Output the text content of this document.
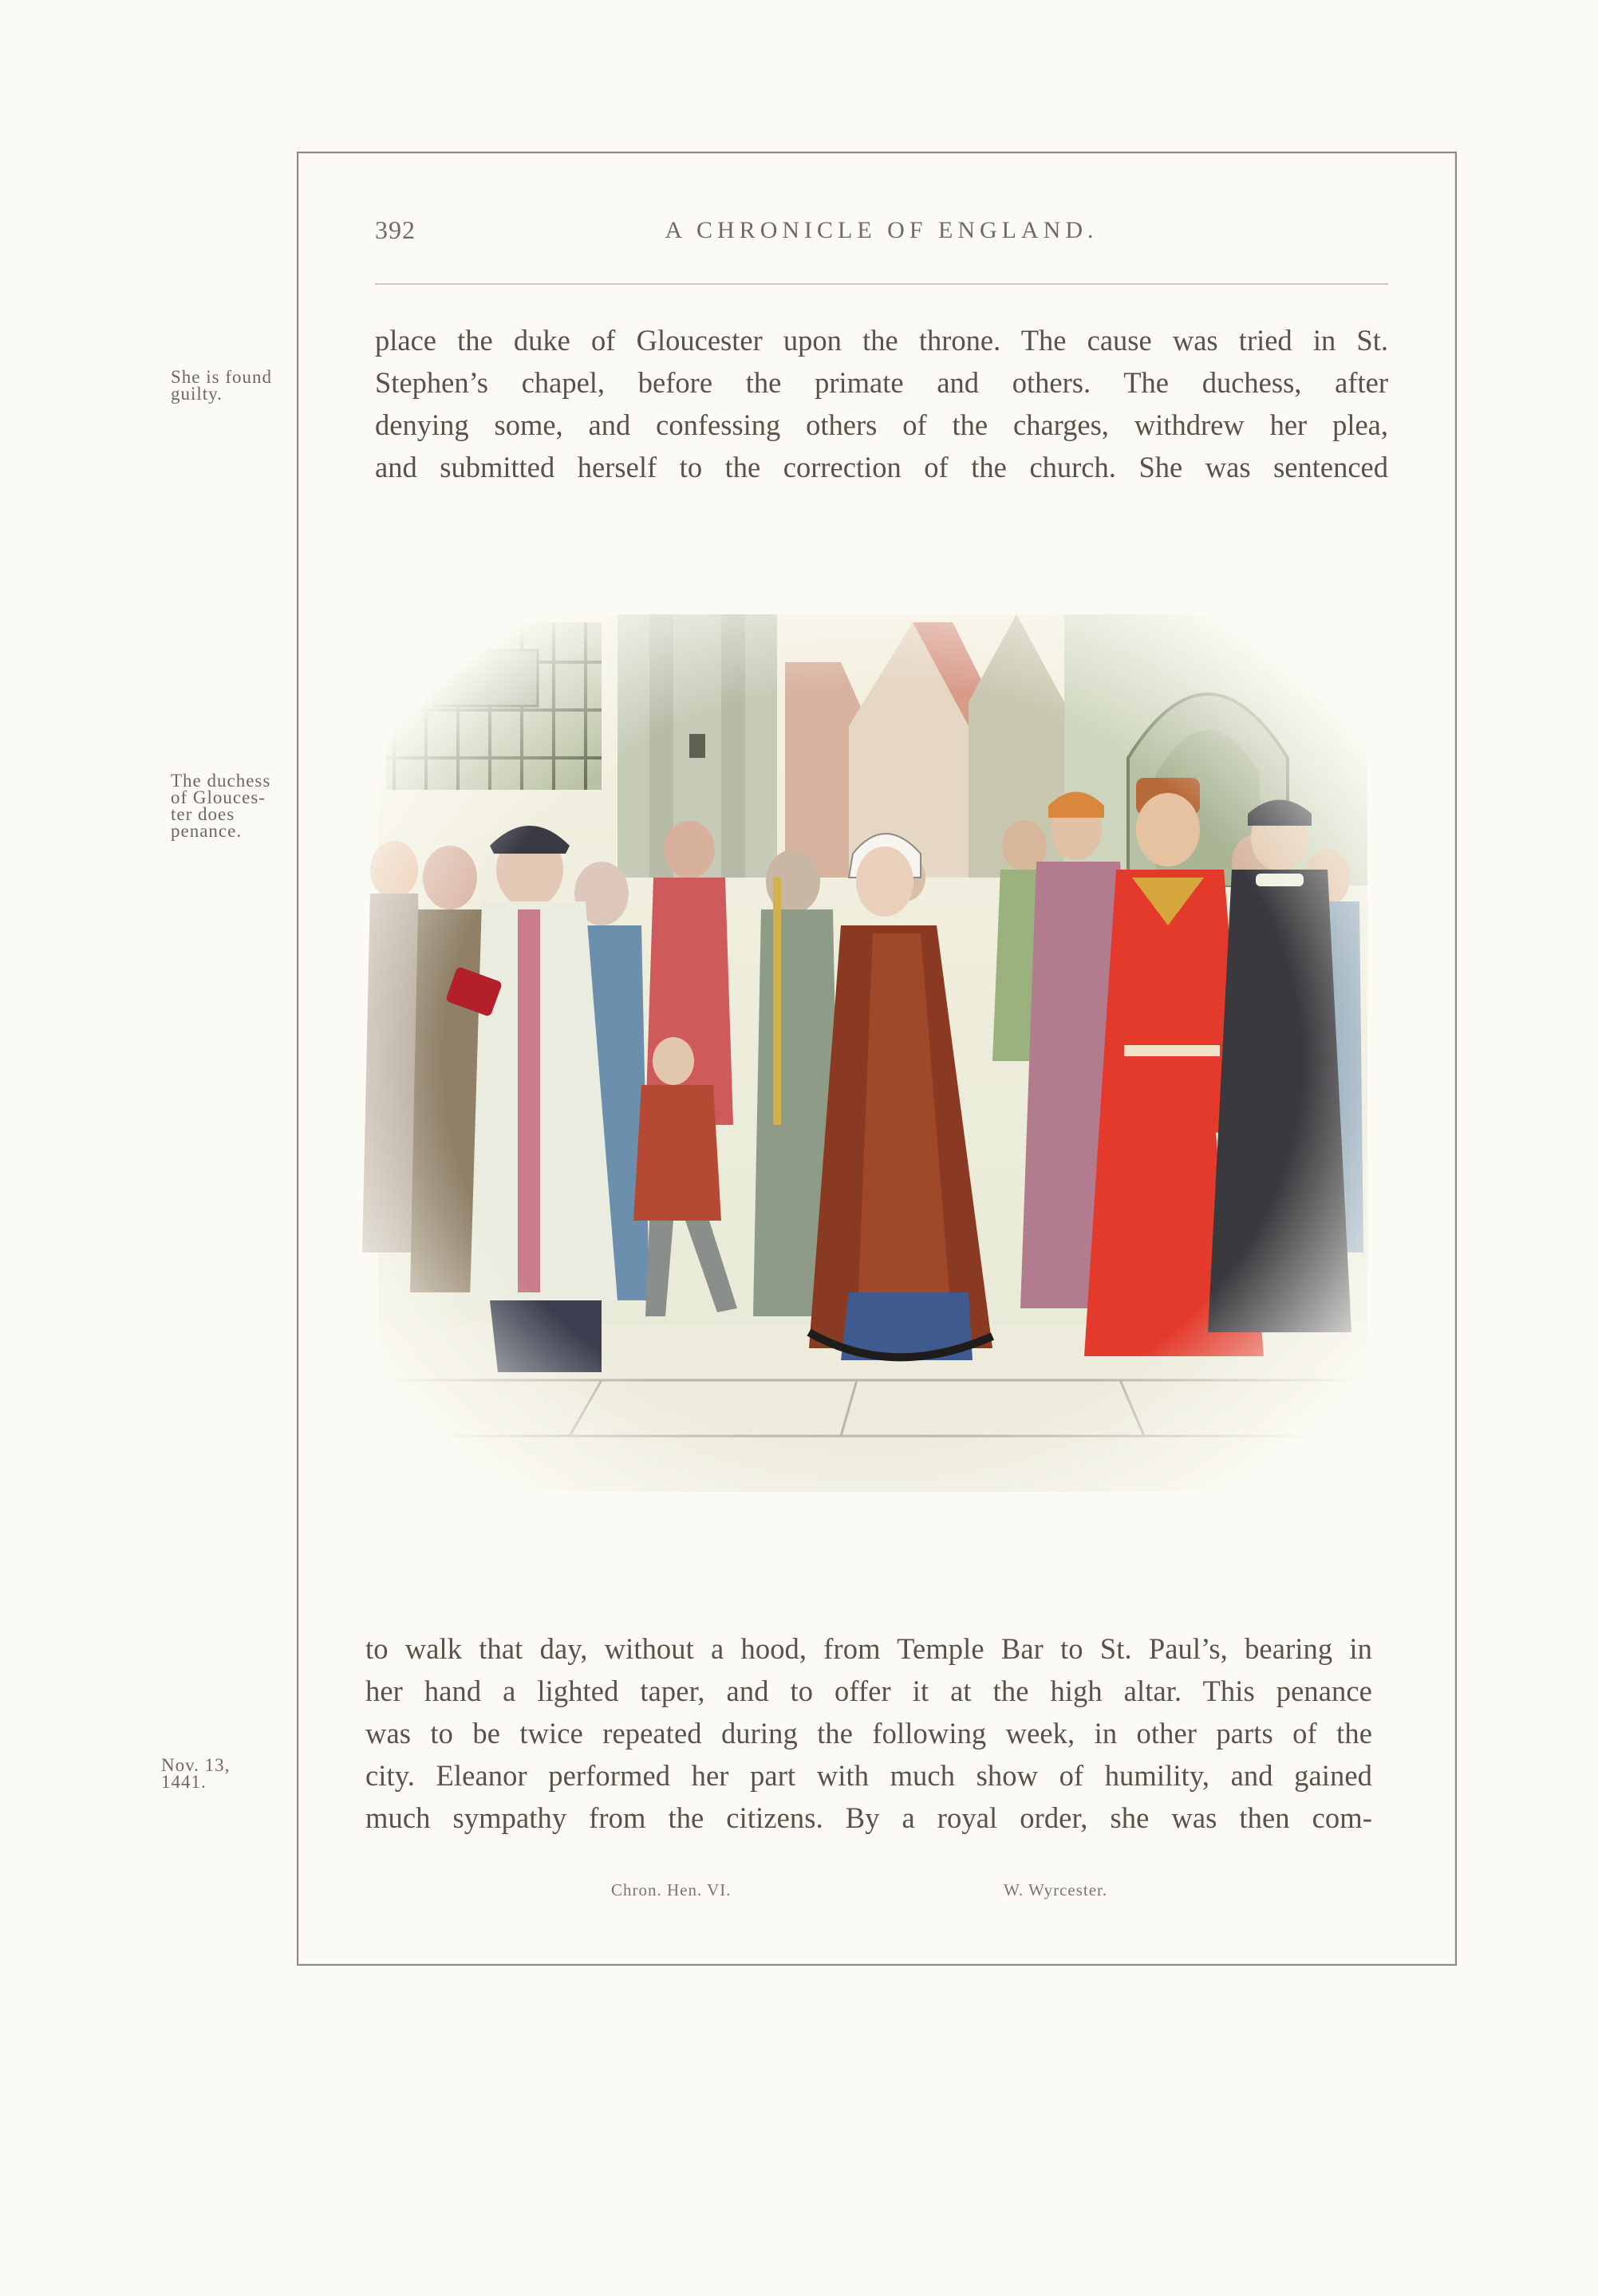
392	A CHRONICLE OF ENGLAND.
She is found
guilty.
The duchess
of Glouces-
ter does
penance.
Nov. 13,
1441.
place the duke of Gloucester upon the throne. The cause was tried in St.
Stephen’s chapel, before the primate and others. The duchess, after
denying some, and confessing others of the charges, withdrew her plea,
and submitted herself to the correction of the church. She was sentenced
to walk that day, without a hood, from Temple Bar to St. Paul’s, bearing in
her hand a lighted taper, and to offer it at the high altar. This penance
was to be twice repeated during the following week, in other parts of the
city. Eleanor performed her part with much show of humility, and gained
much sympathy from the citizens. By a royal order, she was then com-
Chron. Hen. VI.	W. Wyrcester.
